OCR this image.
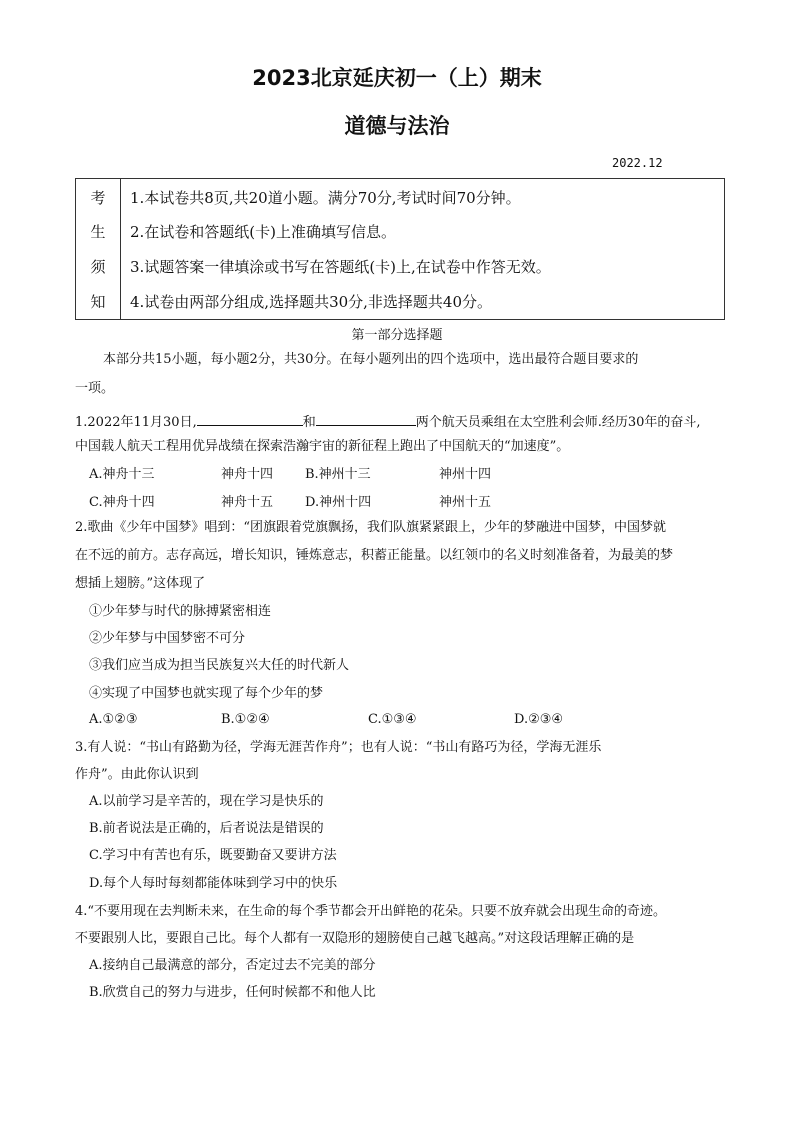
2023北京延庆初一（上）期末
道德与法治
2022.12
考
生
须
知
1.本试卷共8页,共20道小题。满分70分,考试时间70分钟。
2.在试卷和答题纸(卡)上准确填写信息。
3.试题答案一律填涂或书写在答题纸(卡)上,在试卷中作答无效。
4.试卷由两部分组成,选择题共30分,非选择题共40分。
第一部分选择题
本部分共15小题，每小题2分，共30分。在每小题列出的四个选项中，选出最符合题目要求的
一项。
1.2022年11月30日,	和	两个航天员乘组在太空胜利会师.经历30年的奋斗,
中国载人航天工程用优异战绩在探索浩瀚宇宙的新征程上跑出了中国航天的“加速度”。
A.神舟十三	神舟十四 B.神州十三	神州十四
C.神舟十四	神舟十五 D.神州十四	神州十五
2.歌曲《少年中国梦》唱到：“团旗跟着党旗飘扬，我们队旗紧紧跟上，少年的梦融进中国梦，中国梦就
在不远的前方。志存高远，增长知识，锤炼意志，积蓄正能量。以红领巾的名义时刻准备着，为最美的梦
想插上翅膀。”这体现了
①少年梦与时代的脉搏紧密相连
②少年梦与中国梦密不可分
③我们应当成为担当民族复兴大任的时代新人
④实现了中国梦也就实现了每个少年的梦
A.①②③	B.①②④	C.①③④	D.②③④
3.有人说：“书山有路勤为径，学海无涯苦作舟”；也有人说：“书山有路巧为径，学海无涯乐
作舟”。由此你认识到
A.以前学习是辛苦的，现在学习是快乐的
B.前者说法是正确的，后者说法是错误的
C.学习中有苦也有乐，既要勤奋又要讲方法
D.每个人每时每刻都能体味到学习中的快乐
4.“不要用现在去判断未来，在生命的每个季节都会开出鲜艳的花朵。只要不放弃就会出现生命的奇迹。
不要跟别人比，要跟自己比。每个人都有一双隐形的翅膀使自己越飞越高。”对这段话理解正确的是
A.接纳自己最满意的部分，否定过去不完美的部分
B.欣赏自己的努力与进步，任何时候都不和他人比
